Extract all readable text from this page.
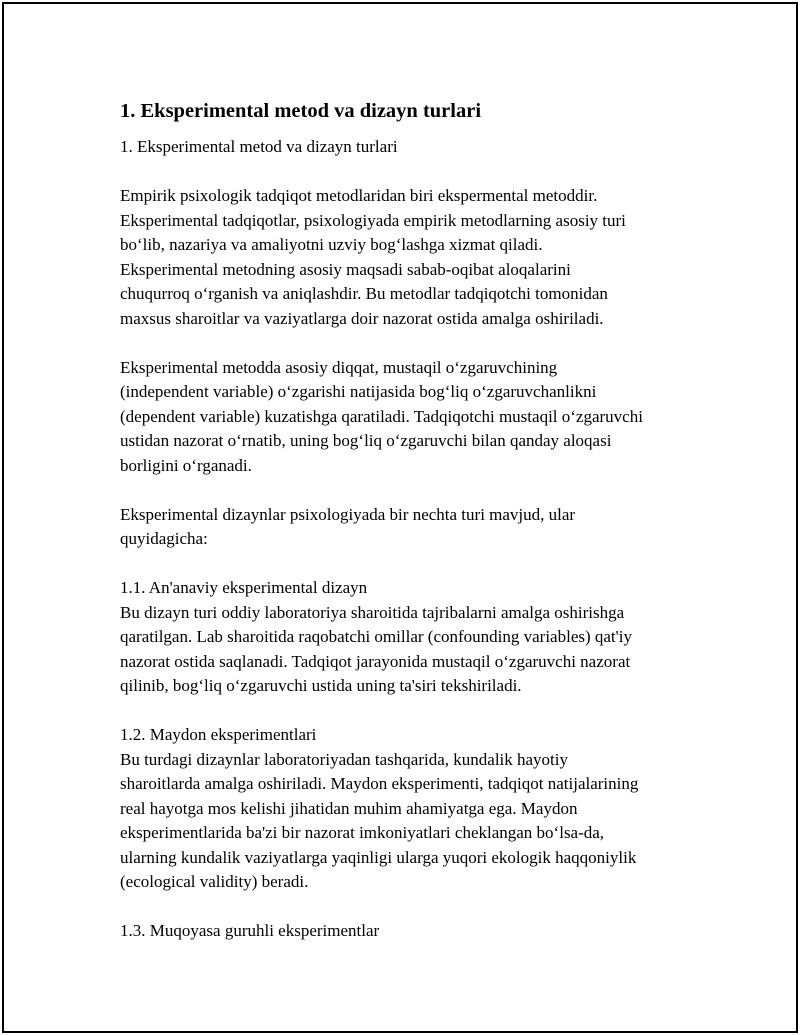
1. Eksperimental metod va dizayn turlari
1. Eksperimental metod va dizayn turlari
Empirik psixologik tadqiqot metodlaridan biri ekspermental metoddir.
Eksperimental tadqiqotlar, psixologiyada empirik metodlarning asosiy turi
bo‘lib, nazariya va amaliyotni uzviy bog‘lashga xizmat qiladi.
Eksperimental metodning asosiy maqsadi sabab-oqibat aloqalarini
chuqurroq o‘rganish va aniqlashdir. Bu metodlar tadqiqotchi tomonidan
maxsus sharoitlar va vaziyatlarga doir nazorat ostida amalga oshiriladi.
Eksperimental metodda asosiy diqqat, mustaqil o‘zgaruvchining
(independent variable) o‘zgarishi natijasida bog‘liq o‘zgaruvchanlikni
(dependent variable) kuzatishga qaratiladi. Tadqiqotchi mustaqil o‘zgaruvchi
ustidan nazorat o‘rnatib, uning bog‘liq o‘zgaruvchi bilan qanday aloqasi
borligini o‘rganadi.
Eksperimental dizaynlar psixologiyada bir nechta turi mavjud, ular
quyidagicha:
1.1. An'anaviy eksperimental dizayn
Bu dizayn turi oddiy laboratoriya sharoitida tajribalarni amalga oshirishga
qaratilgan. Lab sharoitida raqobatchi omillar (confounding variables) qat'iy
nazorat ostida saqlanadi. Tadqiqot jarayonida mustaqil o‘zgaruvchi nazorat
qilinib, bog‘liq o‘zgaruvchi ustida uning ta'siri tekshiriladi.
1.2. Maydon eksperimentlari
Bu turdagi dizaynlar laboratoriyadan tashqarida, kundalik hayotiy
sharoitlarda amalga oshiriladi. Maydon eksperimenti, tadqiqot natijalarining
real hayotga mos kelishi jihatidan muhim ahamiyatga ega. Maydon
eksperimentlarida ba'zi bir nazorat imkoniyatlari cheklangan bo‘lsa-da,
ularning kundalik vaziyatlarga yaqinligi ularga yuqori ekologik haqqoniylik
(ecological validity) beradi.
1.3. Muqoyasa guruhli eksperimentlar
